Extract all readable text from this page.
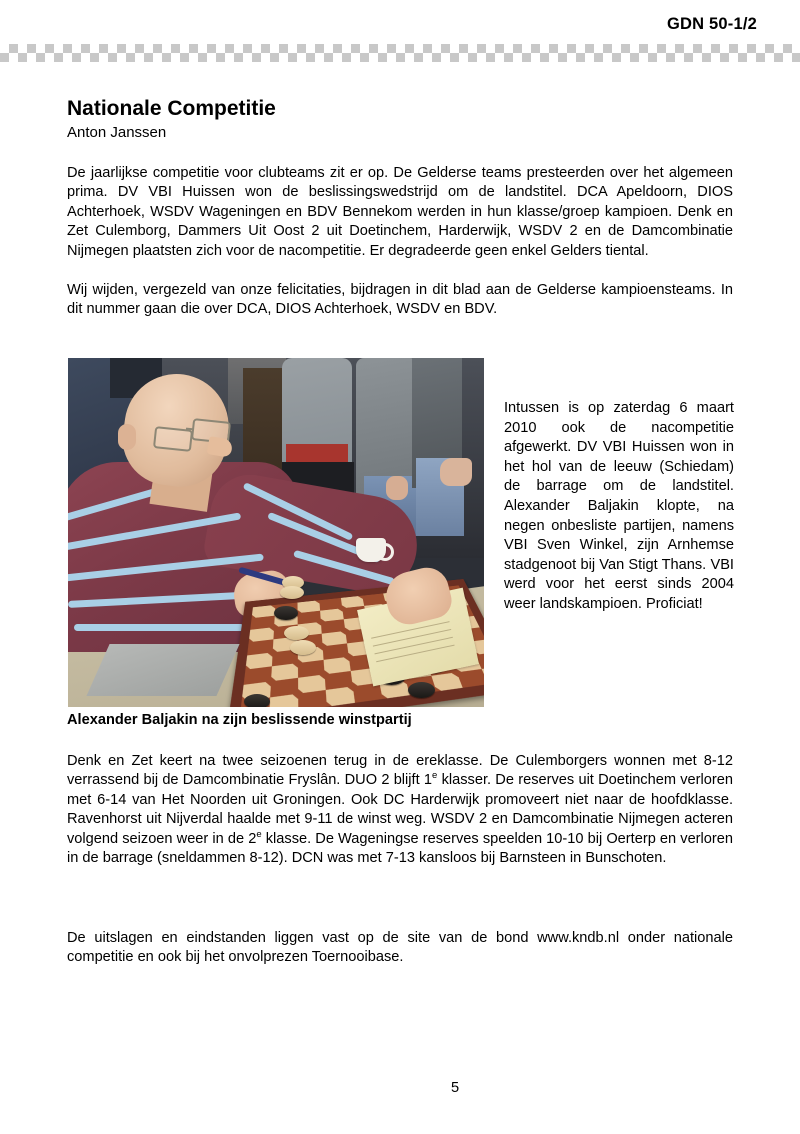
GDN 50-1/2
Nationale Competitie
Anton Janssen

De jaarlijkse competitie voor clubteams zit er op. De Gelderse teams presteerden over het algemeen prima. DV VBI Huissen won de beslissingswedstrijd om de landstitel. DCA Apeldoorn, DIOS Achterhoek, WSDV Wageningen en BDV Bennekom werden in hun klasse/groep kampioen. Denk en Zet Culemborg, Dammers Uit Oost 2 uit Doetinchem, Harderwijk, WSDV 2 en de Damcombinatie Nijmegen plaatsten zich voor de nacompetitie. Er degradeerde geen enkel Gelders tiental.

Wij wijden, vergezeld van onze felicitaties, bijdragen in dit blad aan de Gelderse kampioensteams. In dit nummer gaan die over DCA, DIOS Achterhoek, WSDV en BDV.

Alexander Baljakin na zijn beslissende winstpartij

Intussen is op zaterdag 6 maart 2010 ook de nacompetitie afgewerkt. DV VBI Huissen won in het hol van de leeuw (Schiedam) de barrage om de landstitel. Alexander Baljakin klopte, na negen onbesliste partijen, namens VBI Sven Winkel, zijn Arnhemse stadgenoot bij Van Stigt Thans. VBI werd voor het eerst sinds 2004 weer landskampioen. Proficiat!

Denk en Zet keert na twee seizoenen terug in de ereklasse. De Culemborgers wonnen met 8-12 verrassend bij de Damcombinatie Fryslân. DUO 2 blijft 1e klasser. De reserves uit Doetinchem verloren met 6-14 van Het Noorden uit Groningen. Ook DC Harderwijk promoveert niet naar de hoofdklasse. Ravenhorst uit Nijverdal haalde met 9-11 de winst weg. WSDV 2 en Damcombinatie Nijmegen acteren volgend seizoen weer in de 2e klasse. De Wageningse reserves speelden 10-10 bij Oerterp en verloren in de barrage (sneldammen 8-12). DCN was met 7-13 kansloos bij Barnsteen in Bunschoten.

De uitslagen en eindstanden liggen vast op de site van de bond www.kndb.nl onder nationale competitie en ook bij het onvolprezen Toernooibase.

5
